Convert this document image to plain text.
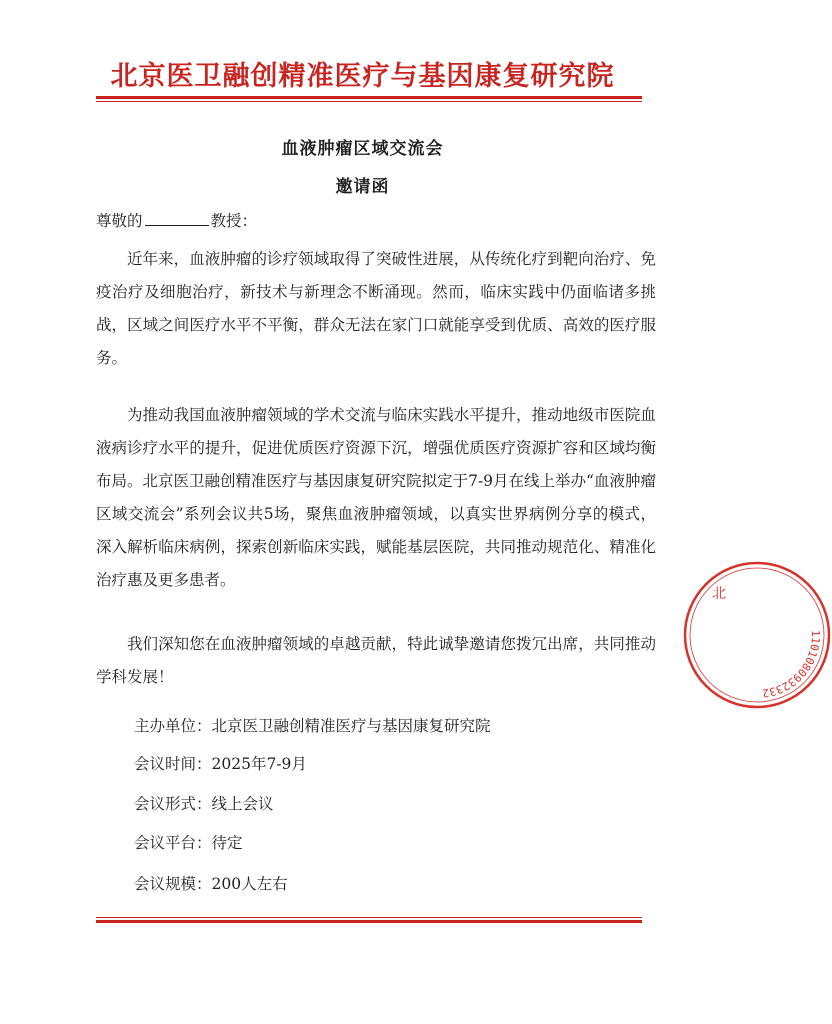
北京医卫融创精准医疗与基因康复研究院
血液肿瘤区域交流会
邀请函
尊敬的	教授：

近年来，血液肿瘤的诊疗领域取得了突破性进展，从传统化疗到靶向治疗、免疫治疗及细胞治疗，新技术与新理念不断涌现。然而，临床实践中仍面临诸多挑战，区域之间医疗水平不平衡，群众无法在家门口就能享受到优质、高效的医疗服务。

为推动我国血液肿瘤领域的学术交流与临床实践水平提升，推动地级市医院血液病诊疗水平的提升，促进优质医疗资源下沉，增强优质医疗资源扩容和区域均衡布局。北京医卫融创精准医疗与基因康复研究院拟定于7-9月在线上举办“血液肿瘤区域交流会”系列会议共5场，聚焦血液肿瘤领域，以真实世界病例分享的模式，深入解析临床病例，探索创新临床实践，赋能基层医院，共同推动规范化、精准化治疗惠及更多患者。

我们深知您在血液肿瘤领域的卓越贡献，特此诚挚邀请您拨冗出席，共同推动学科发展！

主办单位：北京医卫融创精准医疗与基因康复研究院
会议时间：2025年7-9月
会议形式：线上会议
会议平台：待定
会议规模：200人左右
1101080932332
北
